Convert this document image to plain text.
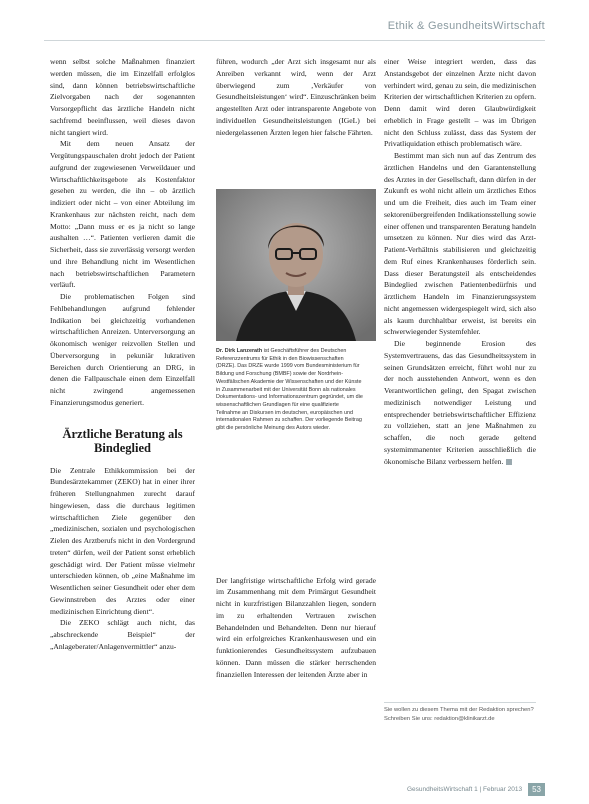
Ethik & GesundheitsWirtschaft

wenn selbst solche Maßnahmen finanziert werden müssen, die im Einzelfall erfolglos sind, dann können betriebswirtschaftliche Zielvorgaben nach der sogenannten Vorsorgepflicht das ärztliche Handeln nicht sachfremd beeinflussen, weil dieses davon nicht tangiert wird.

Mit dem neuen Ansatz der Vergütungspauschalen droht jedoch der Patient aufgrund der zugewiesenen Verweildauer und Wirtschaftlichkeitsgebote als Kostenfaktor gesehen zu werden, die ihn – ob ärztlich indiziert oder nicht – von einer Abteilung im Krankenhaus zur nächsten reicht, nach dem Motto: „Dann muss er es ja nicht so lange aushalten …“. Patienten verlieren damit die Sicherheit, dass sie zuverlässig versorgt werden und ihre Behandlung nicht im Wesentlichen nach betriebswirtschaftlichen Parametern verläuft.

Die problematischen Folgen sind Fehlbehandlungen aufgrund fehlender Indikation bei gleichzeitig vorhandenen wirtschaftlichen Anreizen. Unterversorgung an ökonomisch weniger reizvollen Stellen und Überversorgung in pekuniär lukrativen Bereichen durch Orientierung an DRG, in denen die Fallpauschale einen dem Einzelfall nicht zwingend angemessenen Finanzierungsmodus generiert.

Ärztliche Beratung als Bindeglied

Die Zentrale Ethikkommission bei der Bundesärztekammer (ZEKO) hat in einer ihrer früheren Stellungnahmen zurecht darauf hingewiesen, dass die durchaus legitimen wirtschaftlichen Ziele gegenüber den „medizinischen, sozialen und psychologischen Zielen des Arztberufs nicht in den Vordergrund treten“ dürfen, weil der Patient sonst erheblich geschädigt wird. Der Patient müsse vielmehr unterschieden können, ob „eine Maßnahme im Wesentlichen seiner Gesundheit oder eher dem Gewinnstreben des Arztes oder einer medizinischen Einrichtung dient“.

Die ZEKO schlägt auch nicht, das „abschreckende Beispiel“ der „Anlageberater/Anlagenvermittler“ anzu-

führen, wodurch „der Arzt sich insgesamt nur als Anreiben verkannt wird, wenn der Arzt überwiegend zum ‚Verkäufer von Gesundheitsleistungen‘ wird“. Einzuschränken beim angestellten Arzt oder intransparente Angebote von individuellen Gesundheitsleistungen (IGeL) bei niedergelassenen Ärzten legen hier falsche Fährten.

Dr. Dirk Lanzerath ist Geschäftsführer des Deutschen Referenzzentrums für Ethik in den Biowissenschaften (DRZE). Das DRZE wurde 1999 vom Bundesministerium für Bildung und Forschung (BMBF) sowie der Nordrhein-Westfälischen Akademie der Wissenschaften und der Künste in Zusammenarbeit mit der Universität Bonn als nationales Dokumentations- und Informationszentrum gegründet, um die wissenschaftlichen Grundlagen für eine qualifizierte Teilnahme an Diskursen im deutschen, europäischen und internationalen Rahmen zu schaffen. Der vorliegende Beitrag gibt die persönliche Meinung des Autors wieder.

Der langfristige wirtschaftliche Erfolg wird gerade im Zusammenhang mit dem Primärgut Gesundheit nicht in kurzfristigen Bilanzzahlen liegen, sondern im zu erhaltenden Vertrauen zwischen Behandelnden und Behandelten. Denn nur hierauf wird ein erfolgreiches Krankenhauswesen und ein funktionierendes Gesundheitssystem aufzubauen können. Dann müssen die stärker herrschenden finanziellen Interessen der leitenden Ärzte aber in

einer Weise integriert werden, dass das Anstandsgebot der einzelnen Ärzte nicht davon verhindert wird, genau zu sein, die medizinischen Kriterien der wirtschaftlichen Kriterien zu opfern. Denn damit wird deren Glaubwürdigkeit erheblich in Frage gestellt – was im Übrigen nicht den Schluss zulässt, dass das System der Privatliquidation ethisch problematisch wäre.

Bestimmt man sich nun auf das Zentrum des ärztlichen Handelns und den Garantenstellung des Arztes in der Gesellschaft, dann dürfen in der Zukunft es wohl nicht allein um ärztliches Ethos und um die Freiheit, dies auch im Team einer sektorenübergreifenden Indikationsstellung sowie einer offenen und transparenten Beratung handeln umsetzen zu können. Nur dies wird das Arzt-Patient-Verhältnis stabilisieren und gleichzeitig dem Ruf eines Krankenhauses förderlich sein. Dass dieser Beratungsteil als entscheidendes Bindeglied zwischen Patientenbedürfnis und ärztlichem Handeln im Finanzierungssystem nicht angemessen widergespiegelt wird, sich also als kaum durchhaltbar erweist, ist bereits ein schwerwiegender Systemfehler.

Die beginnende Erosion des Systemvertrauens, das das Gesundheitssystem in seinen Grundsätzen erreicht, führt wohl nur zu der noch ausstehenden Antwort, wenn es den Verantwortlichen gelingt, den Spagat zwischen medizinisch notwendiger Leistung und entsprechender betriebswirtschaftlicher Effizienz zu vollziehen, statt an jene Maßnahmen zu schaffen, die noch gerade geltend systemimmanenter Kriterien ausschließlich die ökonomische Bilanz verbessern helfen.

Sie wollen zu diesem Thema mit der Redaktion sprechen? Schreiben Sie uns: redaktion@klinikarzt.de
GesundheitsWirtschaft 1 | Februar 2013	53
